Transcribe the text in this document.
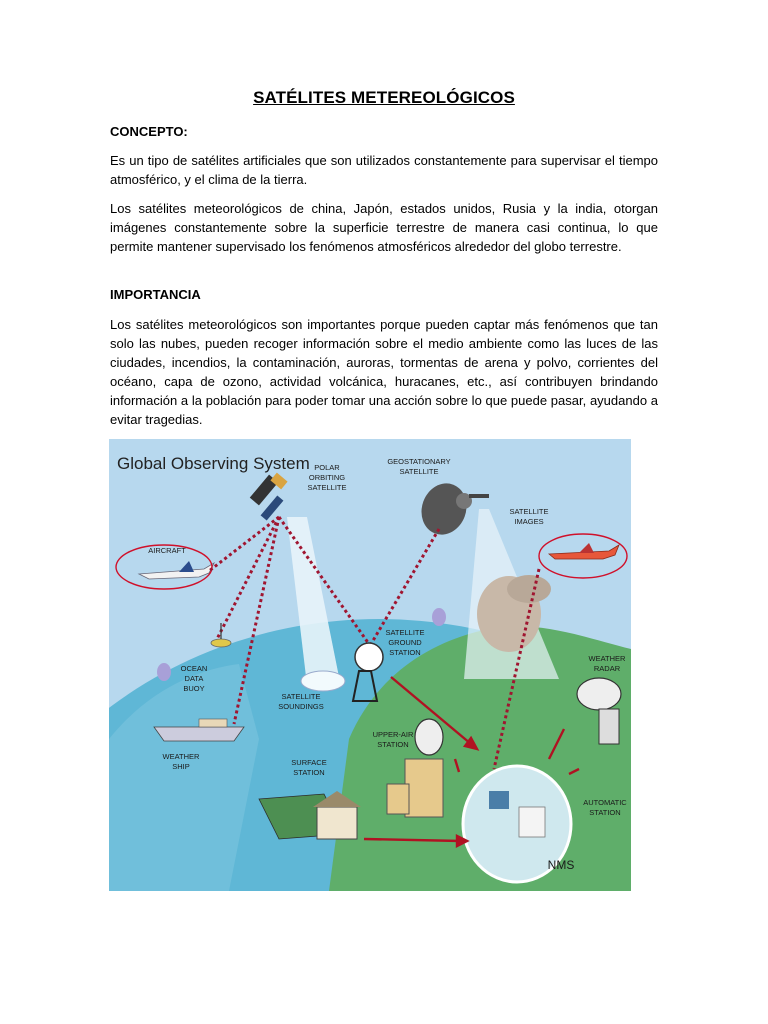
SATÉLITES METEREOLÓGICOS
CONCEPTO:
Es un tipo de satélites artificiales que son utilizados constantemente para supervisar el tiempo atmosférico, y el clima de la tierra.
Los satélites meteorológicos de china, Japón, estados unidos, Rusia y la india, otorgan imágenes constantemente sobre la superficie terrestre de manera casi continua, lo que permite mantener supervisado los fenómenos atmosféricos alrededor del globo terrestre.
IMPORTANCIA
Los satélites meteorológicos son importantes porque pueden captar más fenómenos que tan solo las nubes, pueden recoger información sobre el medio ambiente como las luces de las ciudades, incendios, la contaminación, auroras, tormentas de arena y polvo, corrientes del océano, capa de ozono, actividad volcánica, huracanes, etc., así contribuyen brindando información a la población para poder tomar una acción sobre lo que puede pasar, ayudando a evitar tragedias.
Global Observing System POLAR
ORBITING
SATELLITE
GEOSTATIONARY
SATELLITE
SATELLITE
IMAGES
AIRCRAFT
OCEAN
DATA
BUOY
SATELLITE
GROUND
STATION
WEATHER
RADAR
SATELLITE
SOUNDINGS
UPPER-AIR
STATION
WEATHER
SHIP	SURFACE
STATION
AUTOMATIC
STATION
NMS
